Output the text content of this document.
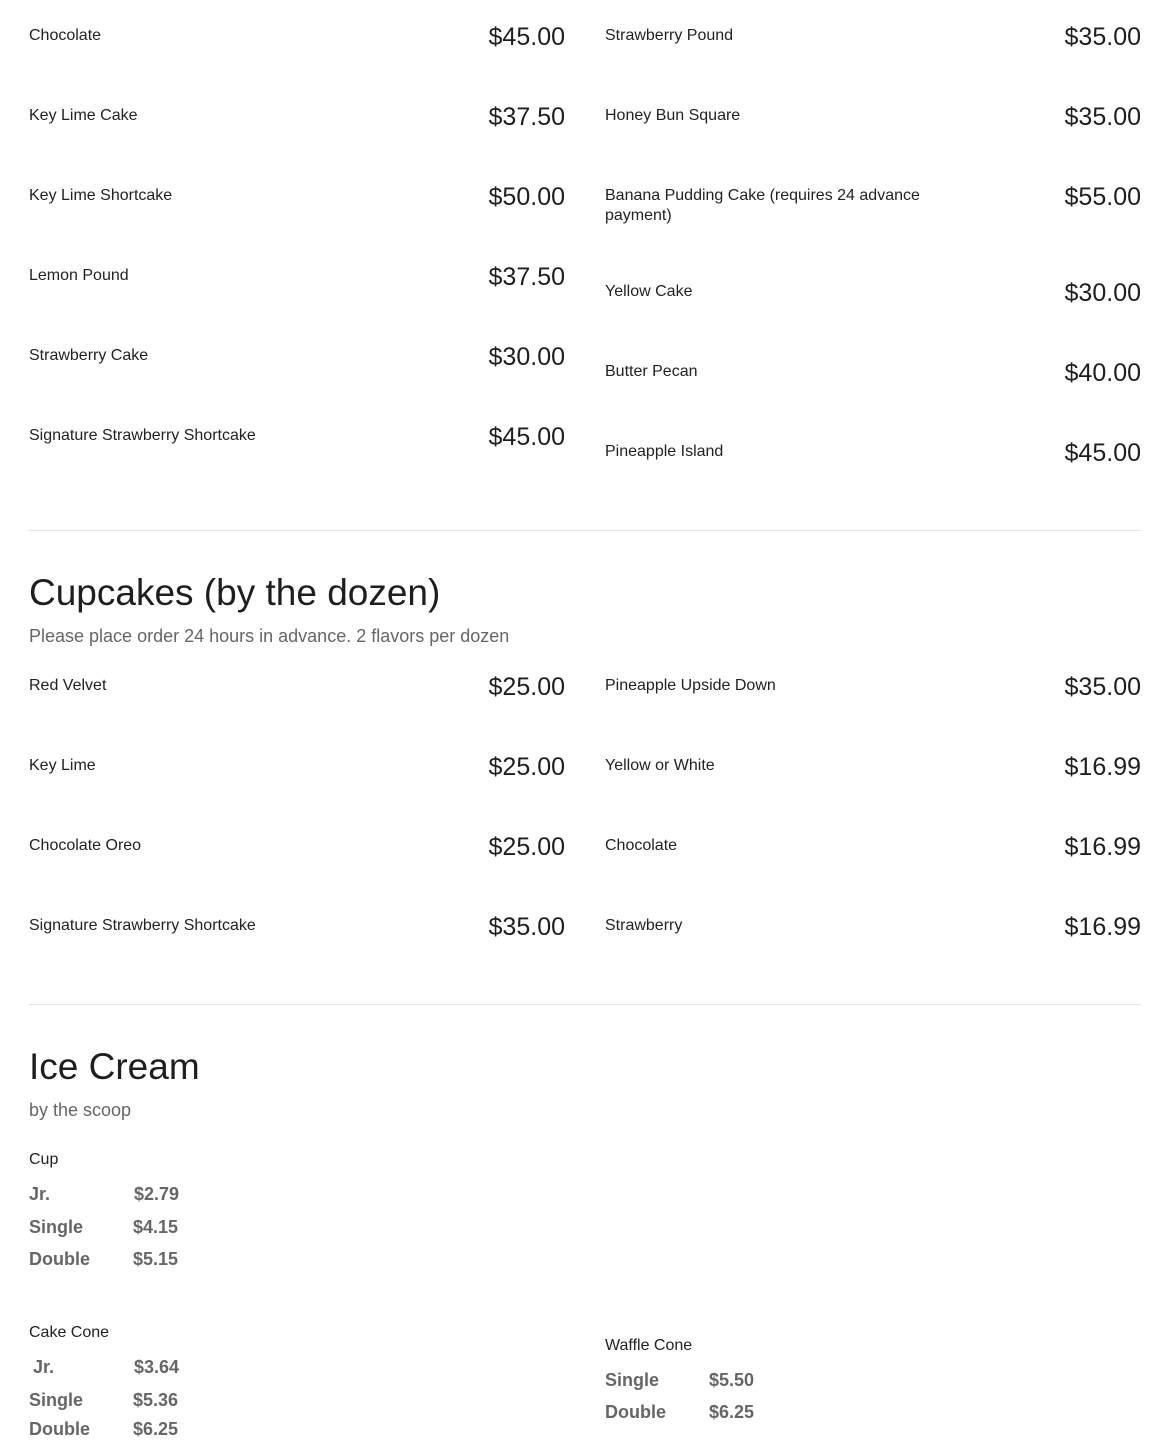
Chocolate	$45.00
Key Lime Cake	$37.50
Key Lime Shortcake	$50.00
Lemon Pound	$37.50
Strawberry Cake	$30.00
Signature Strawberry Shortcake	$45.00
Strawberry Pound	$35.00
Honey Bun Square	$35.00
Banana Pudding Cake (requires 24 advance payment)
$55.00
Yellow Cake	$30.00
Butter Pecan	$40.00
Pineapple Island	$45.00
Cupcakes (by the dozen)
Please place order 24 hours in advance. 2 flavors per dozen
Red Velvet	$25.00
Key Lime	$25.00
Chocolate Oreo	$25.00
Signature Strawberry Shortcake	$35.00
Pineapple Upside Down	$35.00
Yellow or White	$16.99
Chocolate	$16.99
Strawberry	$16.99
Ice Cream
by the scoop
Cup
Jr.	$2.79
Single	$4.15
Double $5.15
Cake Cone
Jr.	$3.64
Single	$5.36
Double $6.25
Waffle Cone
Single	$5.50
Double $6.25
